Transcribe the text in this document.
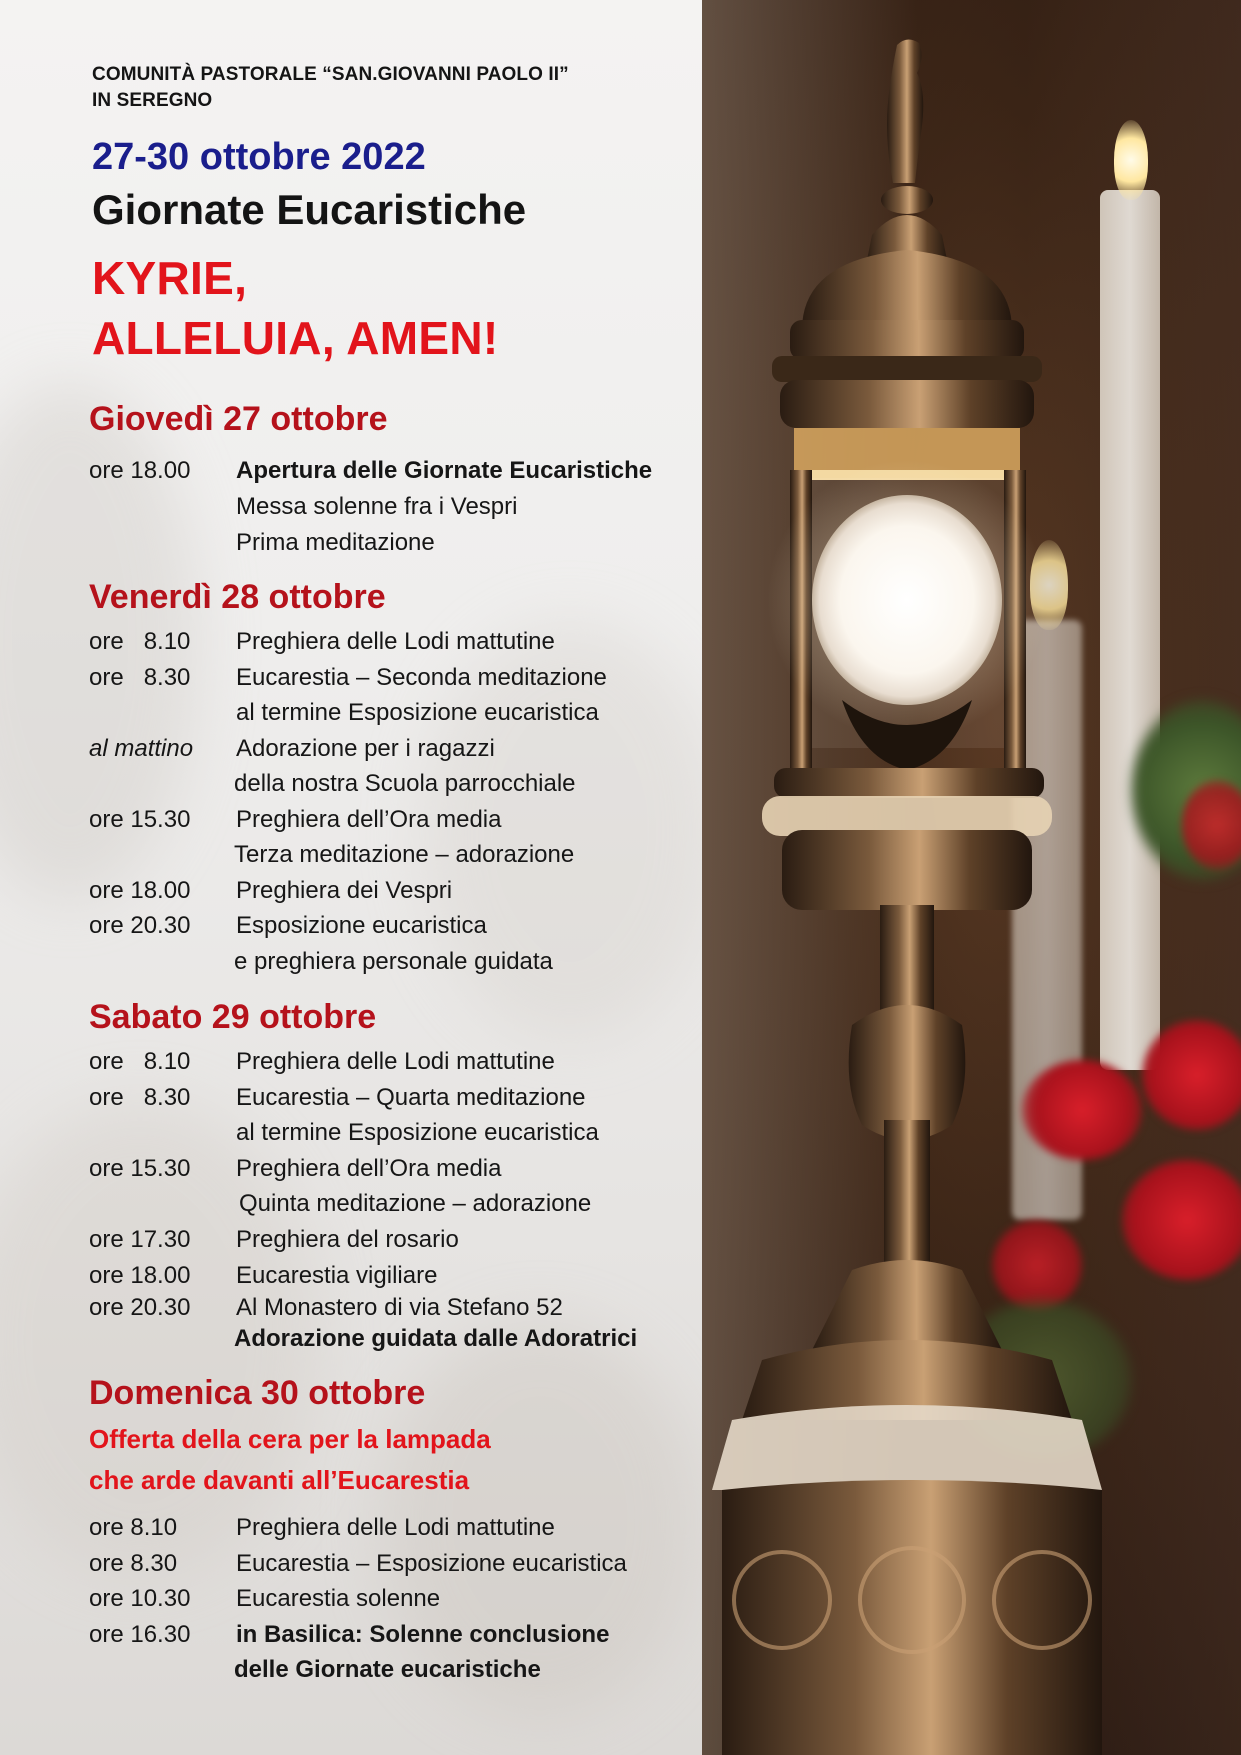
COMUNITÀ PASTORALE “SAN.GIOVANNI PAOLO II”
IN SEREGNO
27-30 ottobre 2022
Giornate Eucaristiche
KYRIE,
ALLELUIA, AMEN!
Giovedì 27 ottobre
ore 18.00 Apertura delle Giornate Eucaristiche
Messa solenne fra i Vespri
Prima meditazione
Venerdì 28 ottobre
ore   8.10 Preghiera delle Lodi mattutine
ore   8.30 Eucarestia – Seconda meditazione
al termine Esposizione eucaristica
al mattino Adorazione per i ragazzi
della nostra Scuola parrocchiale
ore 15.30 Preghiera dell’Ora media
Terza meditazione – adorazione
ore 18.00 Preghiera dei Vespri
ore 20.30 Esposizione eucaristica
e preghiera personale guidata
Sabato 29 ottobre
ore   8.10 Preghiera delle Lodi mattutine
ore   8.30 Eucarestia – Quarta meditazione
al termine Esposizione eucaristica
ore 15.30 Preghiera dell’Ora media
Quinta meditazione – adorazione
ore 17.30 Preghiera del rosario
ore 18.00 Eucarestia vigiliare
ore 20.30 Al Monastero di via Stefano 52
Adorazione guidata dalle Adoratrici
Domenica 30 ottobre
Offerta della cera per la lampada
che arde davanti all’Eucarestia
ore 8.10 Preghiera delle Lodi mattutine
ore 8.30 Eucarestia – Esposizione eucaristica
ore 10.30 Eucarestia solenne
ore 16.30 in Basilica: Solenne conclusione
delle Giornate eucaristiche
